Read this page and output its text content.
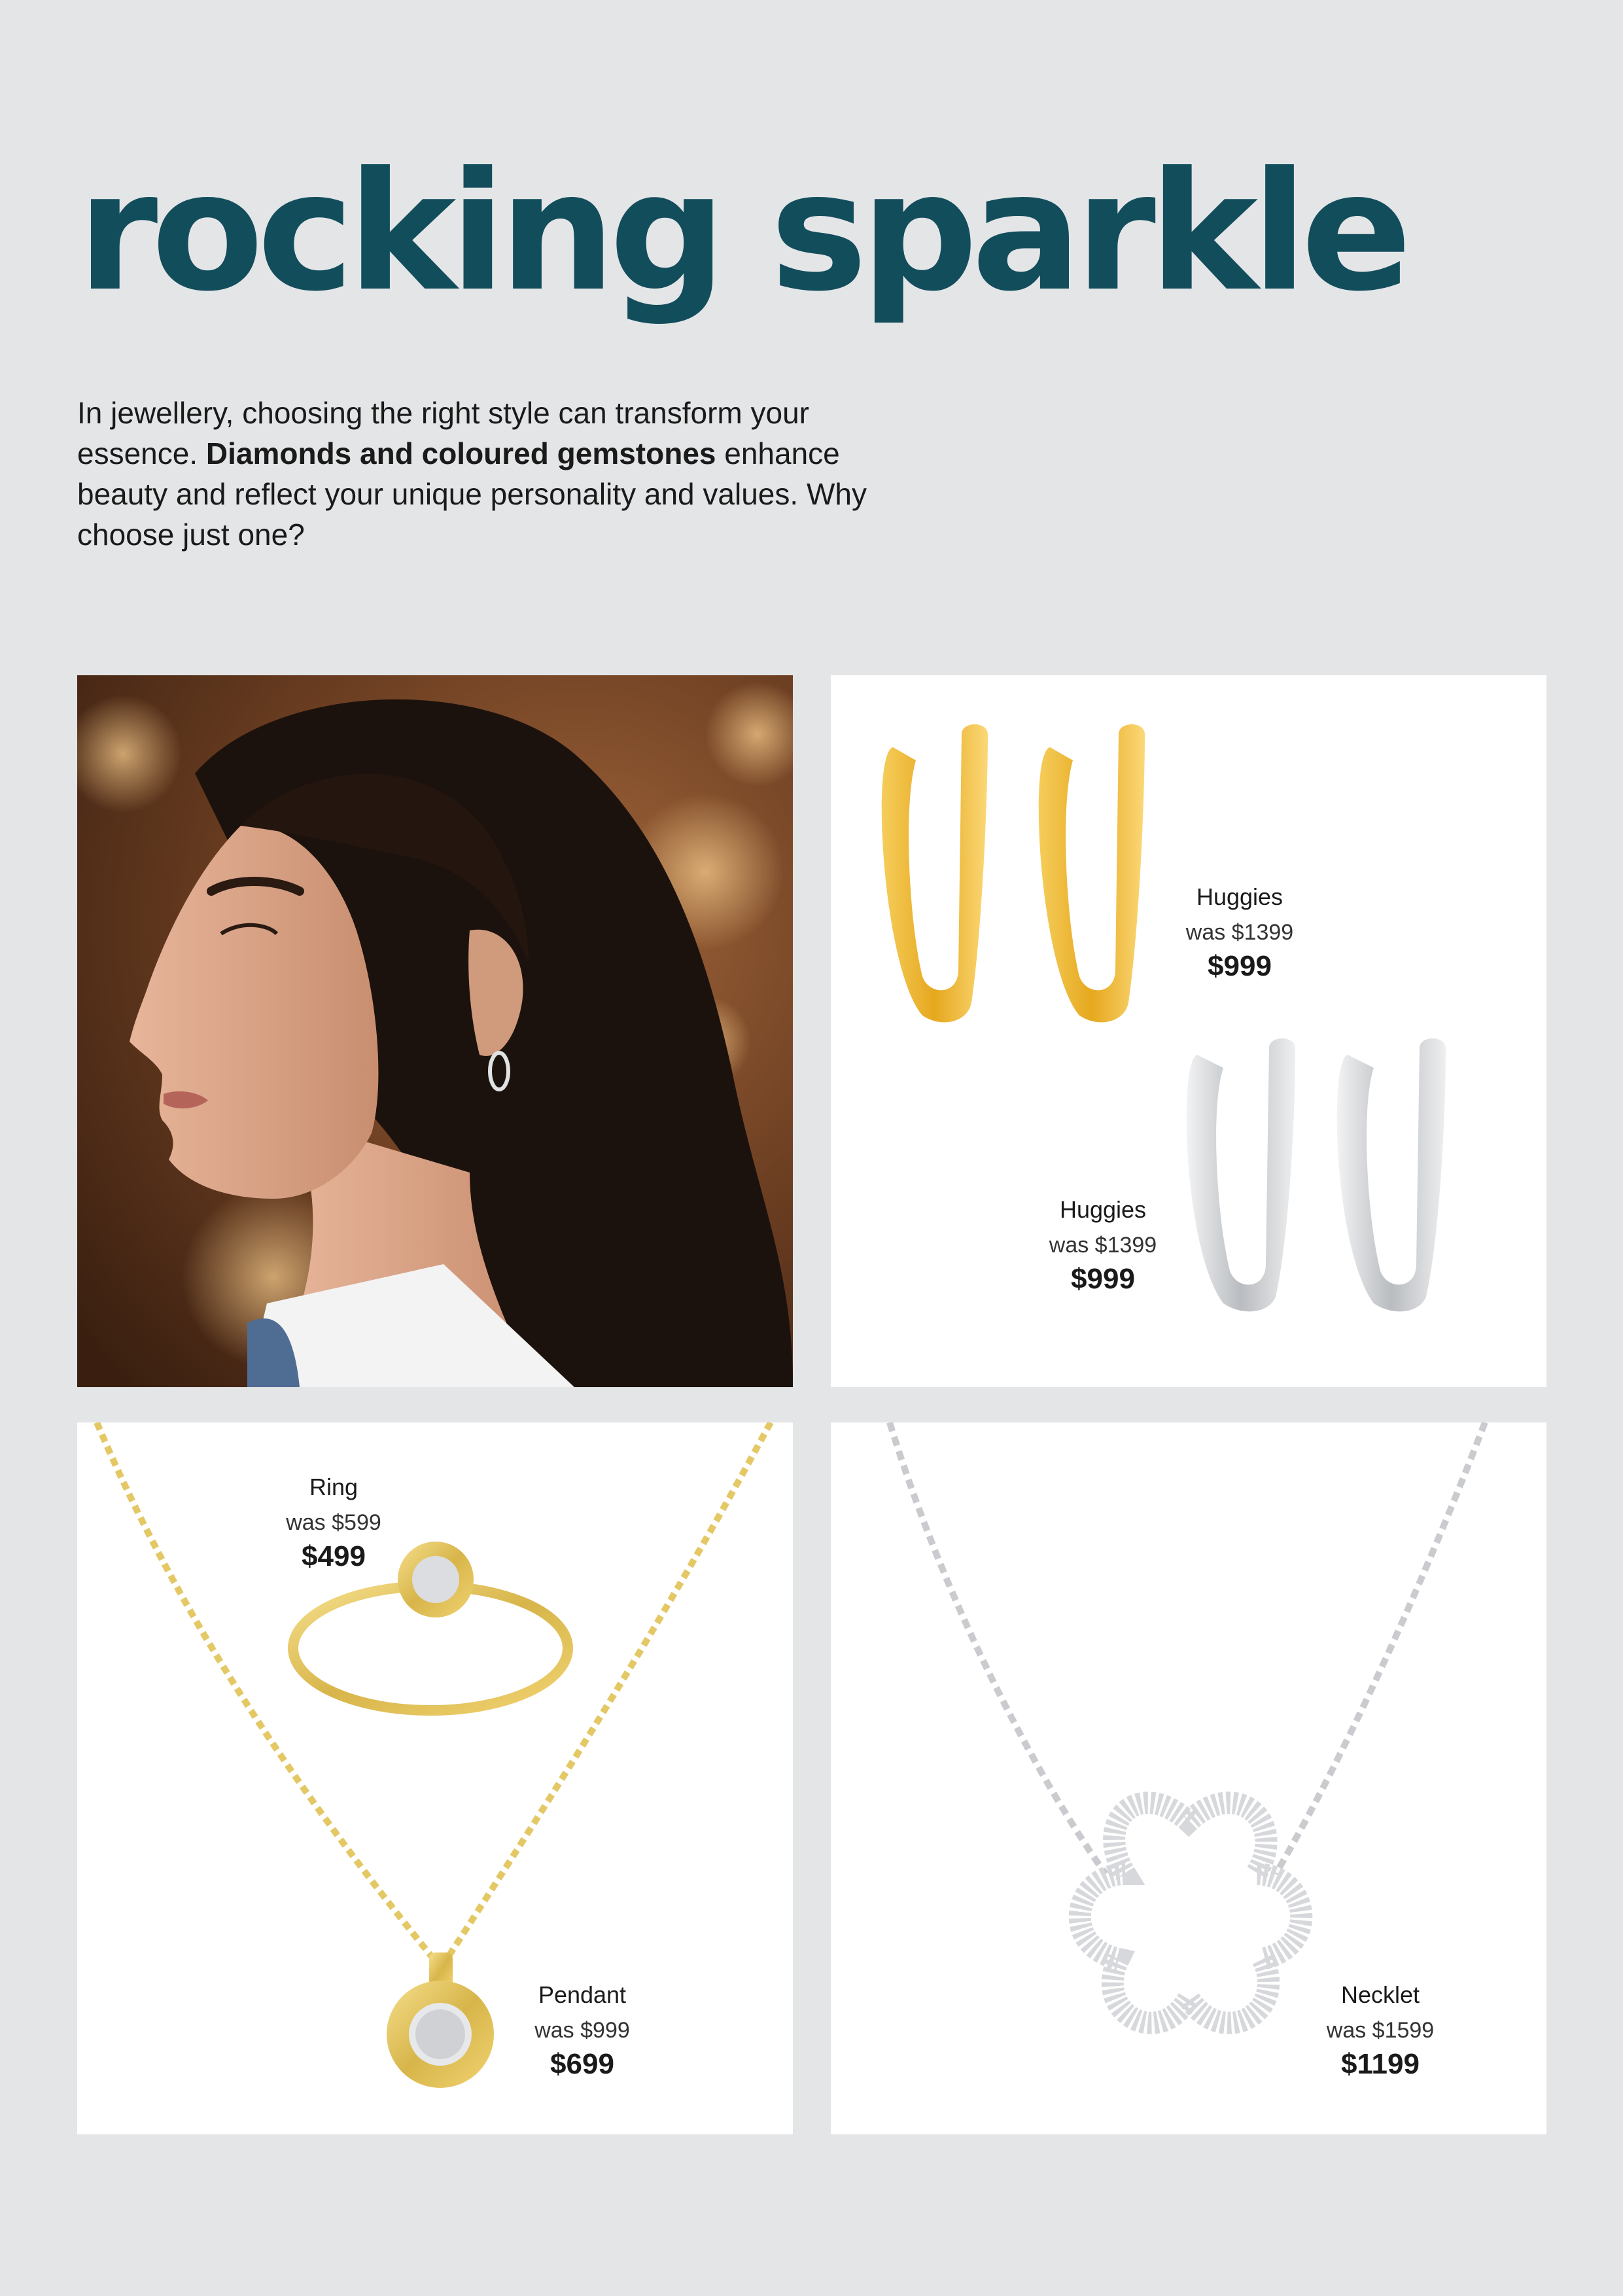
rocking sparkle

In jewellery, choosing the right style can transform your essence. Diamonds and coloured gemstones enhance beauty and reflect your unique personality and values. Why choose just one?

Huggies
was $1399
$999
Huggies
was $1399
$999
Ring
was $599
$499
Pendant
was $999
$699
Necklet
was $1599
$1199
